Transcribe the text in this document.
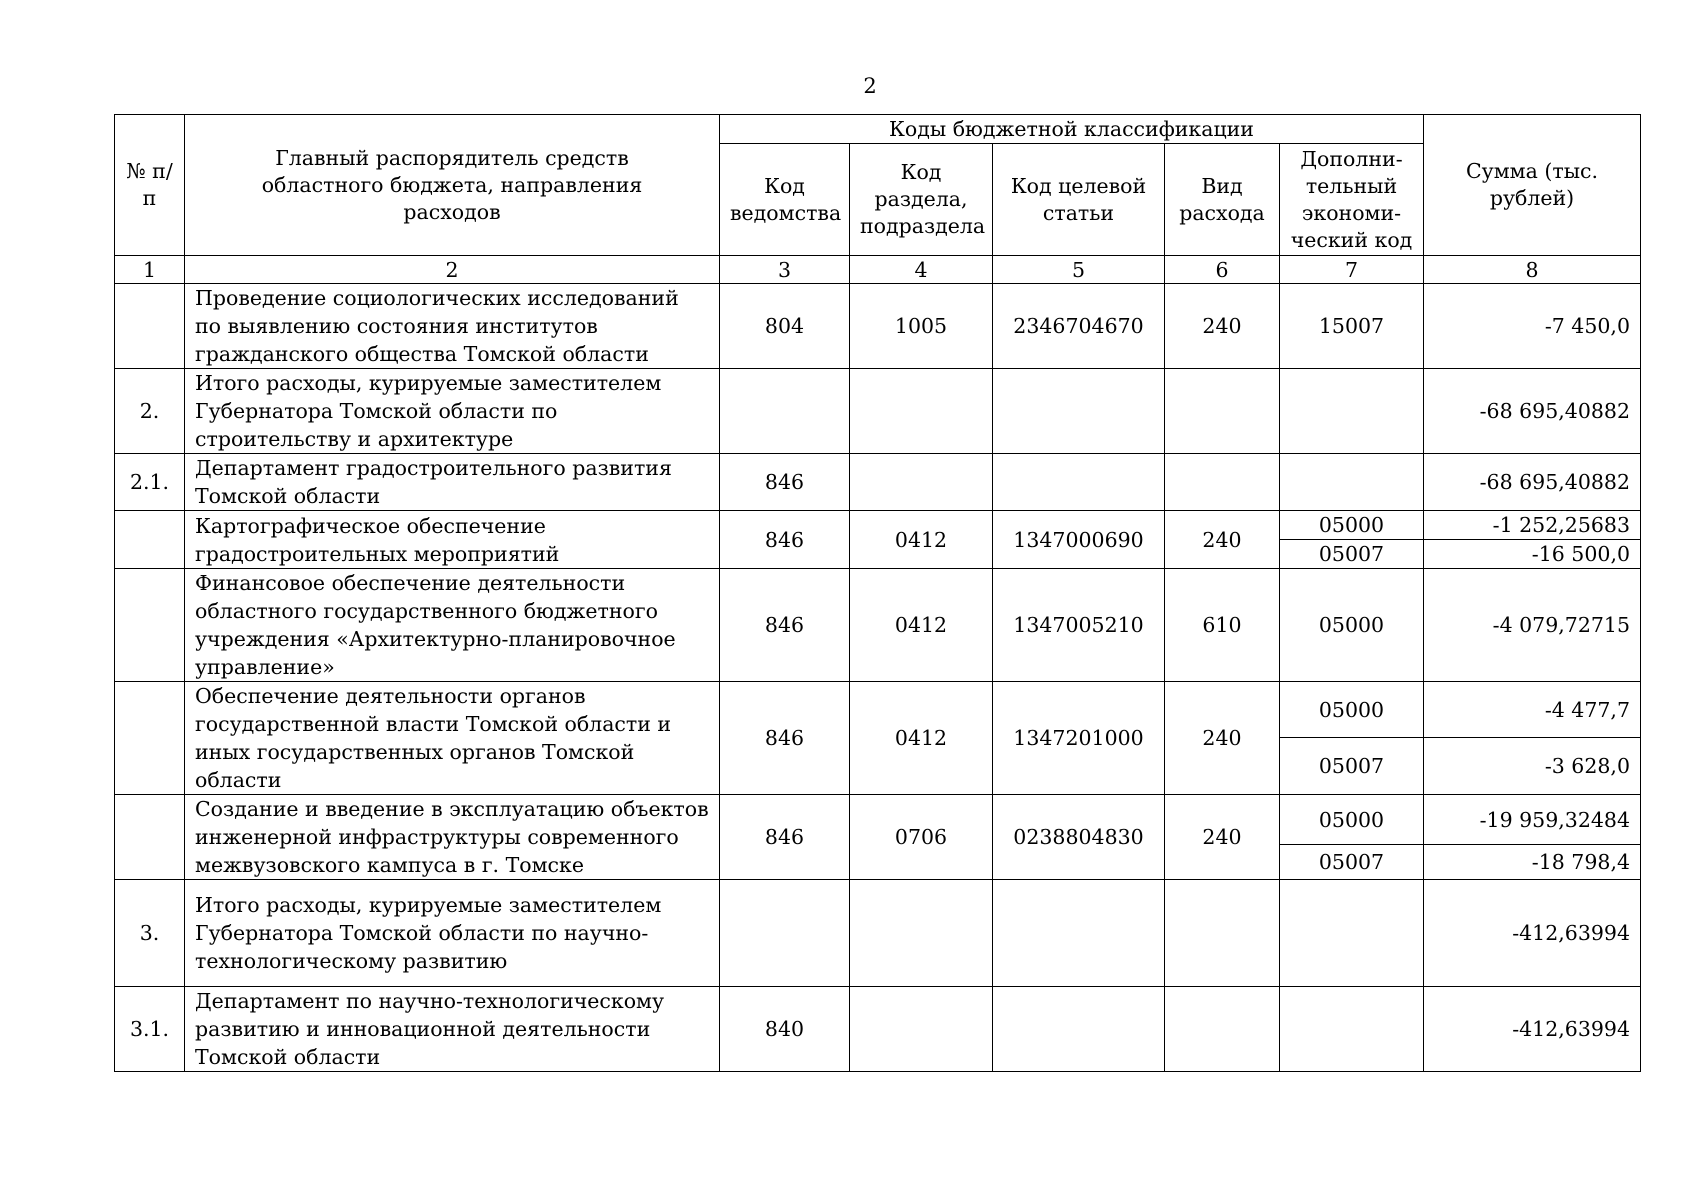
2
№ п/п	Главный распорядитель средств областного бюджета, направления расходов	Коды бюджетной классификации					Сумма (тыс. рублей)
		Код ведомства	Код раздела, подраздела	Код целевой статьи	Вид расхода	Дополни-тельный экономи-ческий код	
1	2	3	4	5	6	7	8
	Проведение социологических исследований по выявлению состояния институтов гражданского общества Томской области	804	1005	2346704670	240	15007	-7 450,0
2.	Итого расходы, курируемые заместителем Губернатора Томской области по строительству и архитектуре						-68 695,40882
2.1.	Департамент градостроительного развития Томской области	846					-68 695,40882
	Картографическое обеспечение градостроительных мероприятий	846	0412	1347000690	240	05000	-1 252,25683
						05007	-16 500,0
	Финансовое обеспечение деятельности областного государственного бюджетного учреждения «Архитектурно-планировочное управление»	846	0412	1347005210	610	05000	-4 079,72715
	Обеспечение деятельности органов государственной власти Томской области и иных государственных органов Томской области	846	0412	1347201000	240	05000	-4 477,7
						05007	-3 628,0
	Создание и введение в эксплуатацию объектов инженерной инфраструктуры современного межвузовского кампуса в г. Томске	846	0706	0238804830	240	05000	-19 959,32484
						05007	-18 798,4
3.	Итого расходы, курируемые заместителем Губернатора Томской области по научно-технологическому развитию						-412,63994
3.1.	Департамент по научно-технологическому развитию и инновационной деятельности Томской области	840					-412,63994
